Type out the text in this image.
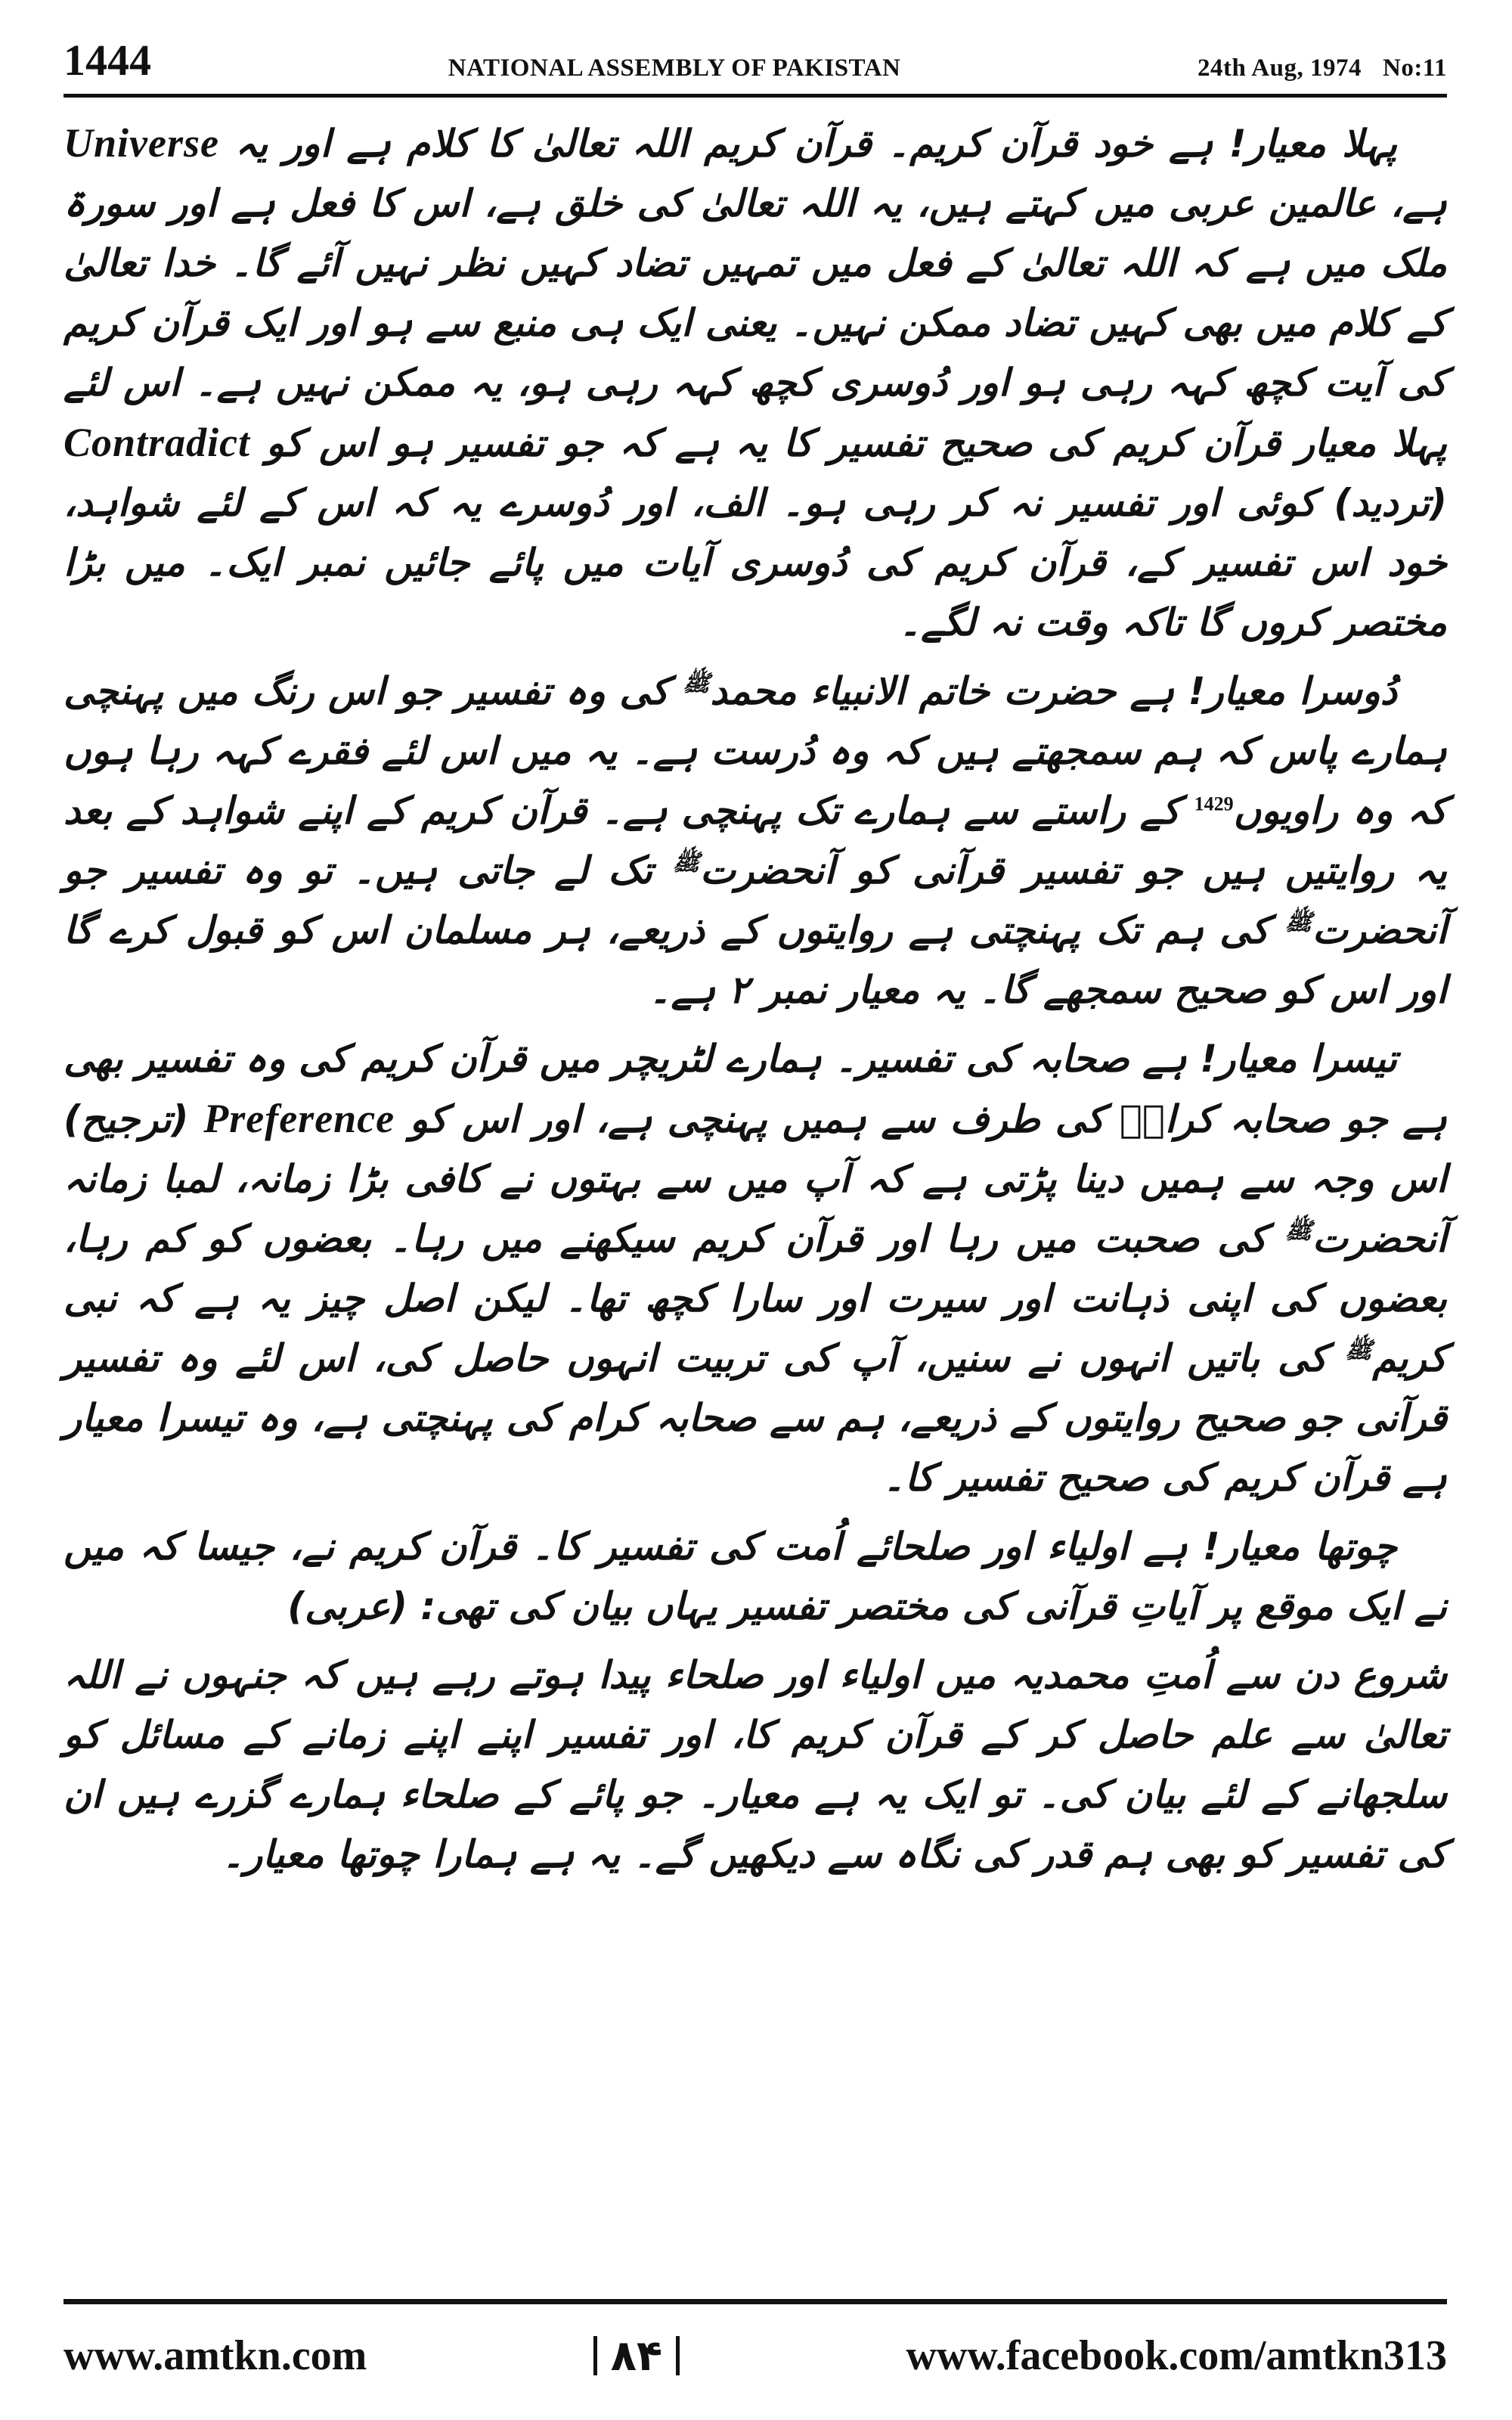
1444	NATIONAL ASSEMBLY OF PAKISTAN	24th Aug, 1974 No:11

پہلا معیار! ہے خود قرآن کریم۔ قرآن کریم اللہ تعالیٰ کا کلام ہے اور یہ Universe ہے، عالمین عربی میں کہتے ہیں، یہ اللہ تعالیٰ کی خلق ہے، اس کا فعل ہے اور سورۃ ملک میں ہے کہ اللہ تعالیٰ کے فعل میں تمہیں تضاد کہیں نظر نہیں آئے گا۔ خدا تعالیٰ کے کلام میں بھی کہیں تضاد ممکن نہیں۔ یعنی ایک ہی منبع سے ہو اور ایک قرآن کریم کی آیت کچھ کہہ رہی ہو اور دُوسری کچھ کہہ رہی ہو، یہ ممکن نہیں ہے۔ اس لئے پہلا معیار قرآن کریم کی صحیح تفسیر کا یہ ہے کہ جو تفسیر ہو اس کو Contradict (تردید) کوئی اور تفسیر نہ کر رہی ہو۔ الف، اور دُوسرے یہ کہ اس کے لئے شواہد، خود اس تفسیر کے، قرآن کریم کی دُوسری آیات میں پائے جائیں نمبر ایک۔ میں بڑا مختصر کروں گا تاکہ وقت نہ لگے۔

دُوسرا معیار! ہے حضرت خاتم الانبیاء محمد$^ﷺ$ کی وہ تفسیر جو اس رنگ میں پہنچی ہمارے پاس کہ ہم سمجھتے ہیں کہ وہ دُرست ہے۔ یہ میں اس لئے فقرے کہہ رہا ہوں کہ وہ راویوں$^{1429}$ کے راستے سے ہمارے تک پہنچی ہے۔ قرآن کریم کے اپنے شواہد کے بعد یہ روایتیں ہیں جو تفسیر قرآنی کو آنحضرت$^ﷺ$ تک لے جاتی ہیں۔ تو وہ تفسیر جو آنحضرت$^ﷺ$ کی ہم تک پہنچتی ہے روایتوں کے ذریعے، ہر مسلمان اس کو قبول کرے گا اور اس کو صحیح سمجھے گا۔ یہ معیار نمبر ۲ ہے۔

تیسرا معیار! ہے صحابہ کی تفسیر۔ ہمارے لٹریچر میں قرآن کریم کی وہ تفسیر بھی ہے جو صحابہ کرامؓ کی طرف سے ہمیں پہنچی ہے، اور اس کو Preference (ترجیح) اس وجہ سے ہمیں دینا پڑتی ہے کہ آپ میں سے بہتوں نے کافی بڑا زمانہ، لمبا زمانہ آنحضرت$^ﷺ$ کی صحبت میں رہا اور قرآن کریم سیکھنے میں رہا۔ بعضوں کو کم رہا، بعضوں کی اپنی ذہانت اور سیرت اور سارا کچھ تھا۔ لیکن اصل چیز یہ ہے کہ نبی کریم$^ﷺ$ کی باتیں انہوں نے سنیں، آپ کی تربیت انہوں حاصل کی، اس لئے وہ تفسیر قرآنی جو صحیح روایتوں کے ذریعے، ہم سے صحابہ کرام کی پہنچتی ہے، وہ تیسرا معیار ہے قرآن کریم کی صحیح تفسیر کا۔

چوتھا معیار! ہے اولیاء اور صلحائے اُمت کی تفسیر کا۔ قرآن کریم نے، جیسا کہ میں نے ایک موقع پر آیاتِ قرآنی کی مختصر تفسیر یہاں بیان کی تھی: (عربی)

شروع دن سے اُمتِ محمدیہ میں اولیاء اور صلحاء پیدا ہوتے رہے ہیں کہ جنہوں نے اللہ تعالیٰ سے علم حاصل کر کے قرآن کریم کا، اور تفسیر اپنے اپنے زمانے کے مسائل کو سلجھانے کے لئے بیان کی۔ تو ایک یہ ہے معیار۔ جو پائے کے صلحاء ہمارے گزرے ہیں ان کی تفسیر کو بھی ہم قدر کی نگاہ سے دیکھیں گے۔ یہ ہے ہمارا چوتھا معیار۔

www.amtkn.com	۸۴	www.facebook.com/amtkn313
